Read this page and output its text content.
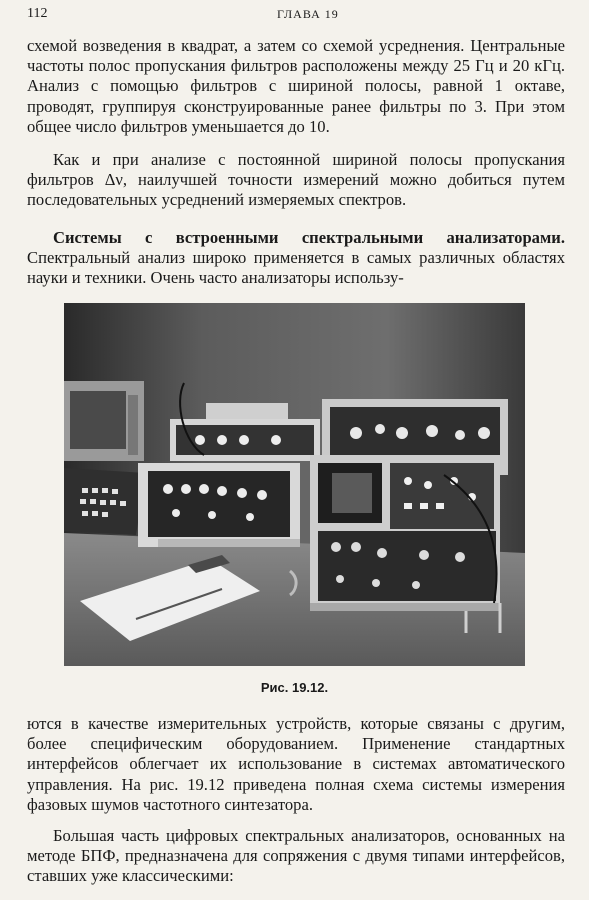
112	ГЛАВА 19

схемой возведения в квадрат, а затем со схемой усреднения. Центральные частоты полос пропускания фильтров расположены между 25 Гц и 20 кГц. Анализ с помощью фильтров с шириной полосы, равной 1 октаве, проводят, группируя сконструированные ранее фильтры по 3. При этом общее число фильтров уменьшается до 10.

Как и при анализе с постоянной шириной полосы пропускания фильтров Δν, наилучшей точности измерений можно добиться путем последовательных усреднений измеряемых спектров.

Системы с встроенными спектральными анализаторами. Спектральный анализ широко применяется в самых различных областях науки и техники. Очень часто анализаторы использу-

Рис. 19.12.

ются в качестве измерительных устройств, которые связаны с другим, более специфическим оборудованием. Применение стандартных интерфейсов облегчает их использование в системах автоматического управления. На рис. 19.12 приведена полная схема системы измерения фазовых шумов частотного синтезатора.

Большая часть цифровых спектральных анализаторов, основанных на методе БПФ, предназначена для сопряжения с двумя типами интерфейсов, ставших уже классическими:
